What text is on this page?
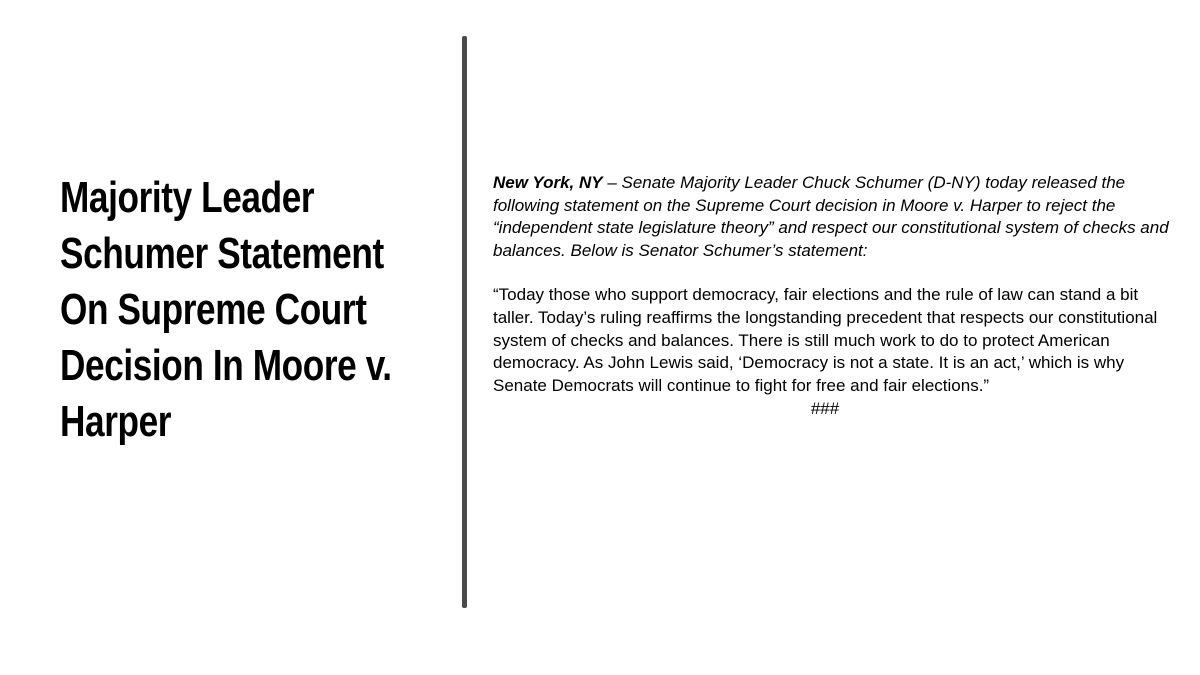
Majority Leader
Schumer Statement
On Supreme Court
Decision In Moore v.
Harper

New York, NY – Senate Majority Leader Chuck Schumer (D-NY) today released the following statement on the Supreme Court decision in Moore v. Harper to reject the “independent state legislature theory” and respect our constitutional system of checks and balances. Below is Senator Schumer’s statement:

“Today those who support democracy, fair elections and the rule of law can stand a bit taller. Today’s ruling reaffirms the longstanding precedent that respects our constitutional system of checks and balances. There is still much work to do to protect American democracy. As John Lewis said, ‘Democracy is not a state. It is an act,’ which is why Senate Democrats will continue to fight for free and fair elections.”

###
